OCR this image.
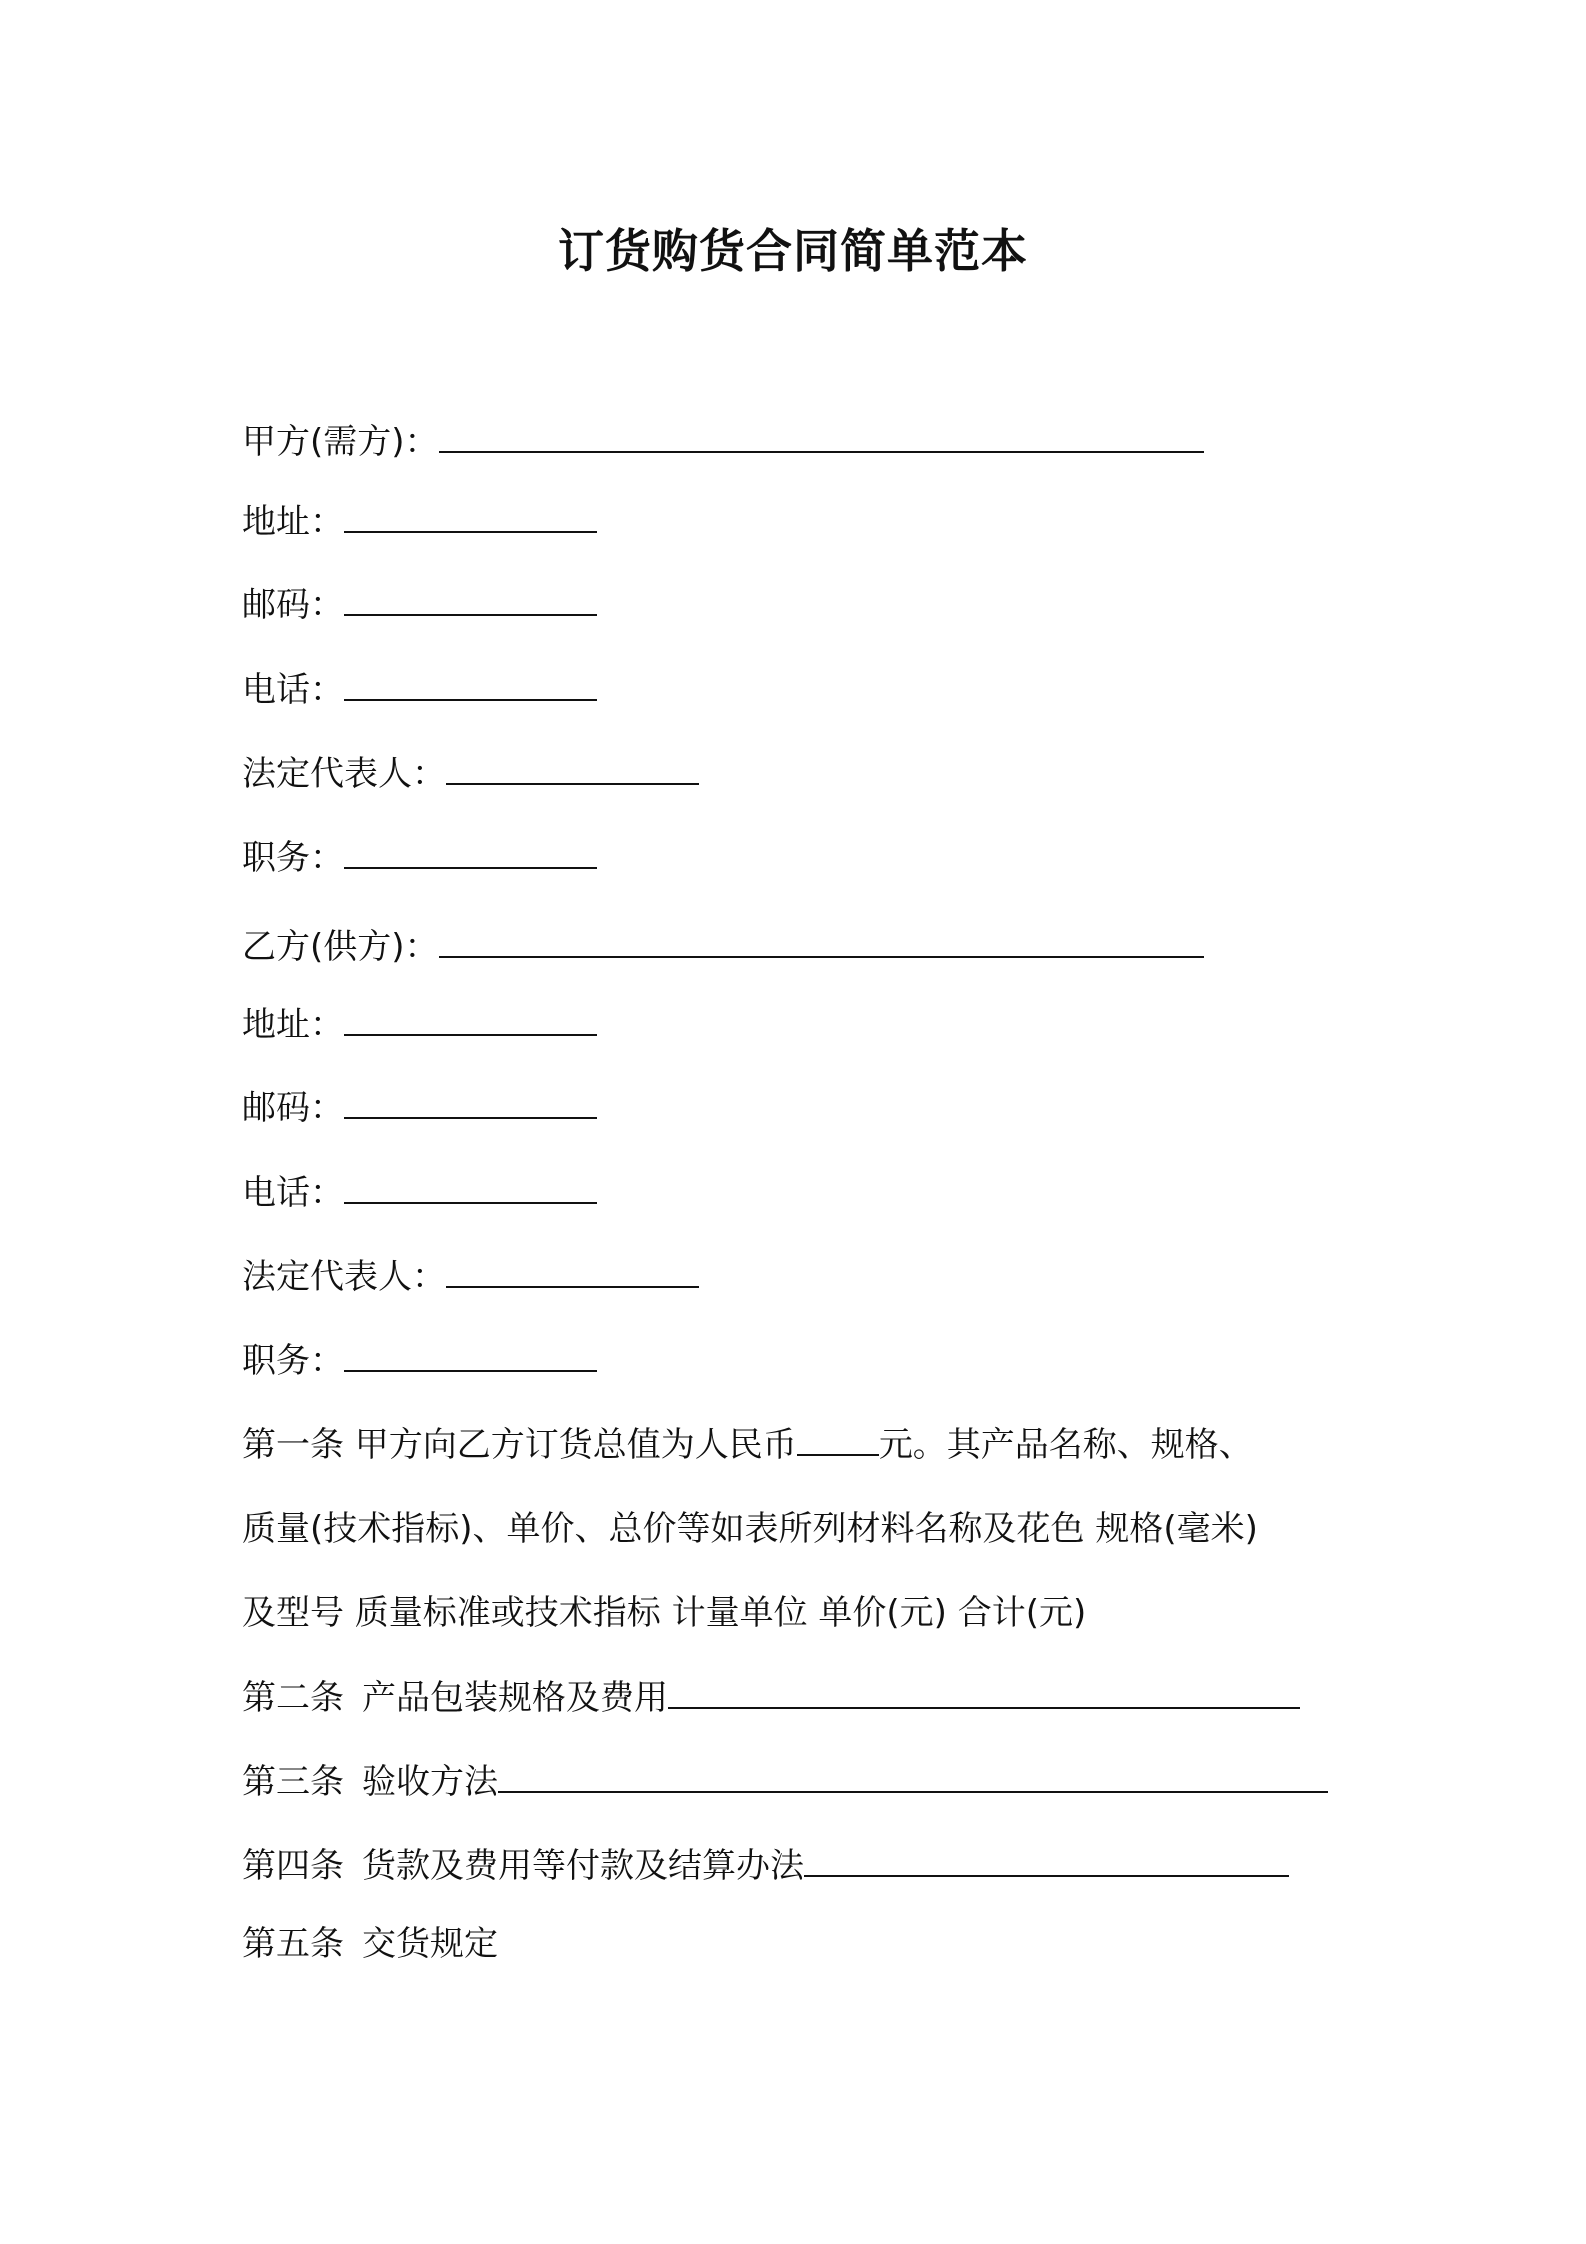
订货购货合同简单范本
甲方(需方)：
地址：
邮码：
电话：
法定代表人：
职务：
乙方(供方)：
地址：
邮码：
电话：
法定代表人：
职务：
第一条 甲方向乙方订货总值为人民币 元。其产品名称、规格、
质量(技术指标)、单价、总价等如表所列材料名称及花色 规格(毫米)
及型号 质量标准或技术指标 计量单位 单价(元) 合计(元)
第二条 产品包装规格及费用
第三条 验收方法
第四条 货款及费用等付款及结算办法
第五条 交货规定
